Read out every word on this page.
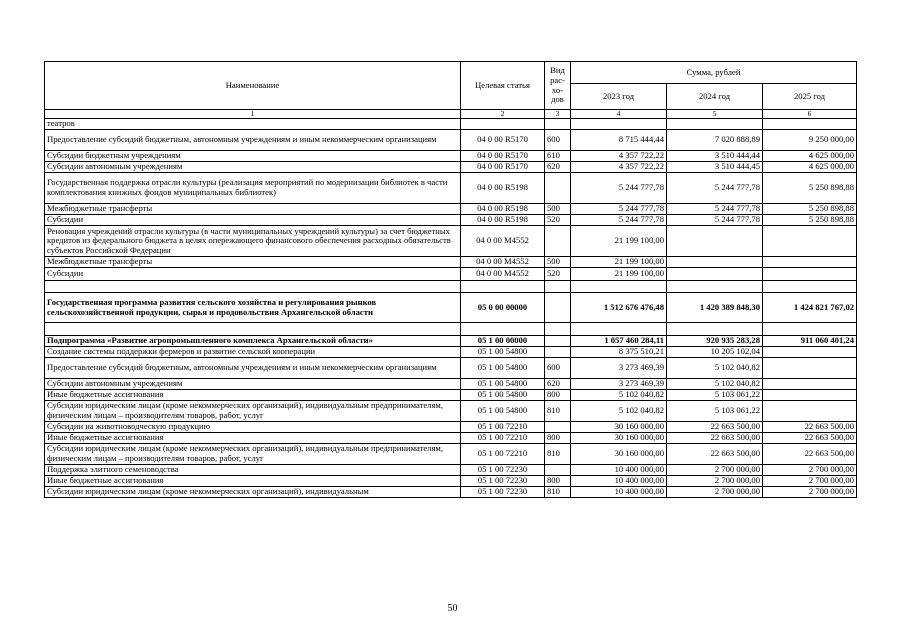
Наименование	Целевая статья	Вид рас-хо-дов	Сумма, рублей		
			2023 год	2024 год	2025 год
1	2	3	4	5	6
театров					
Предоставление субсидий бюджетным, автономным учреждениям и иным некоммерческим организациям	04 0 00 R5170	600	8 715 444,44	7 020 888,89	9 250 000,00
Субсидии бюджетным учреждениям	04 0 00 R5170	610	4 357 722,22	3 510 444,44	4 625 000,00
Субсидии автономным учреждениям	04 0 00 R5170	620	4 357 722,22	3 510 444,45	4 625 000,00
Государственная поддержка отрасли культуры (реализация мероприятий по модернизации библиотек в части комплектования книжных фондов муниципальных библиотек)	04 0 00 R5198		5 244 777,78	5 244 777,78	5 250 898,88
Межбюджетные трансферты	04 0 00 R5198	500	5 244 777,78	5 244 777,78	5 250 898,88
Субсидии	04 0 00 R5198	520	5 244 777,78	5 244 777,78	5 250 898,88
Реновация учреждений отрасли культуры (в части муниципальных учреждений культуры) за счет бюджетных кредитов из федерального бюджета в целях опережающего финансового обеспечения расходных обязательств субъектов Российской Федерации	04 0 00 M4552		21 199 100,00		
Межбюджетные трансферты	04 0 00 M4552	500	21 199 100,00		
Субсидии	04 0 00 M4552	520	21 199 100,00		

Государственная программа развития сельского хозяйства и регулирования рынков сельскохозяйственной продукции, сырья и продовольствия Архангельской области	05 0 00 00000		1 512 676 476,48	1 420 389 848,30	1 424 821 767,02

Подпрограмма «Развитие агропромышленного комплекса Архангельской области»	05 1 00 00000		1 057 460 284,11	920 935 283,28	911 060 401,24
Создание системы поддержки фермеров и развитие сельской кооперации	05 1 00 54800		8 375 510,21	10 205 102,04	
Предоставление субсидий бюджетным, автономным учреждениям и иным некоммерческим организациям	05 1 00 54800	600	3 273 469,39	5 102 040,82	
Субсидии автономным учреждениям	05 1 00 54800	620	3 273 469,39	5 102 040,82	
Иные бюджетные ассигнования	05 1 00 54800	800	5 102 040,82	5 103 061,22	
Субсидии юридическим лицам (кроме некоммерческих организаций), индивидуальным предпринимателям, физическим лицам – производителям товаров, работ, услуг	05 1 00 54800	810	5 102 040,82	5 103 061,22	
Субсидии на животноводческую продукцию	05 1 00 72210		30 160 000,00	22 663 500,00	22 663 500,00
Иные бюджетные ассигнования	05 1 00 72210	800	30 160 000,00	22 663 500,00	22 663 500,00
Субсидии юридическим лицам (кроме некоммерческих организаций), индивидуальным предпринимателям, физическим лицам – производителям товаров, работ, услуг	05 1 00 72210	810	30 160 000,00	22 663 500,00	22 663 500,00
Поддержка элитного семеноводства	05 1 00 72230		10 400 000,00	2 700 000,00	2 700 000,00
Иные бюджетные ассигнования	05 1 00 72230	800	10 400 000,00	2 700 000,00	2 700 000,00
Субсидии юридическим лицам (кроме некоммерческих организаций), индивидуальным	05 1 00 72230	810	10 400 000,00	2 700 000,00	2 700 000,00
50
